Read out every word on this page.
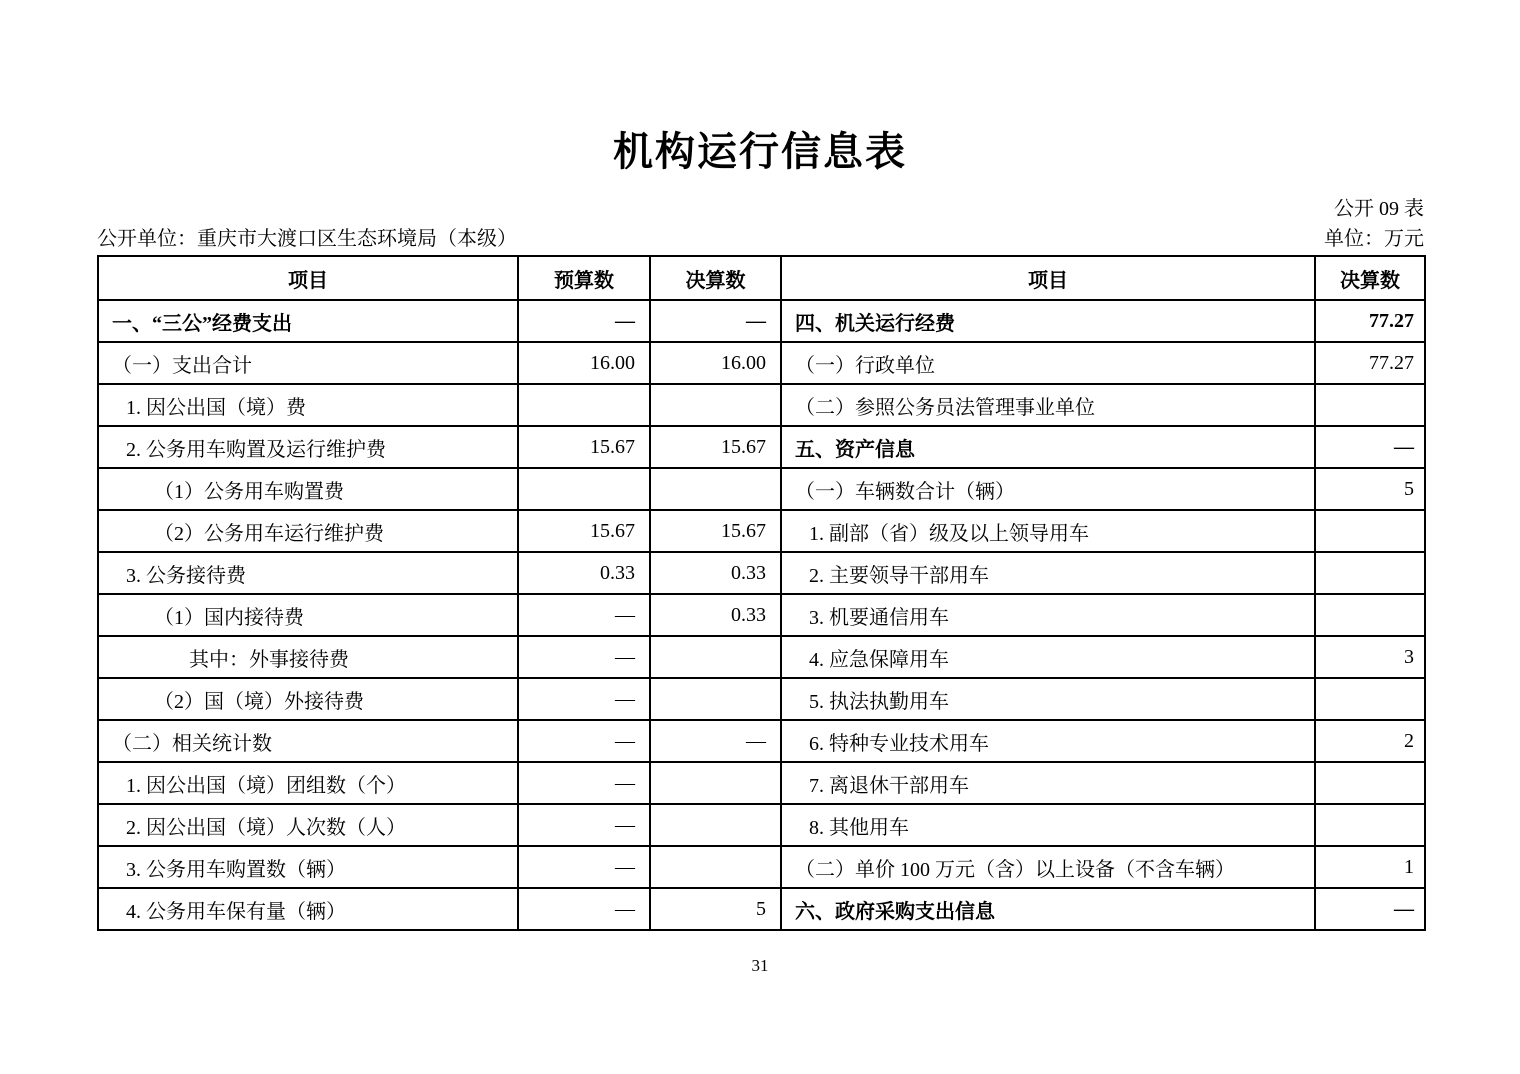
机构运行信息表
公开 09 表
公开单位：重庆市大渡口区生态环境局（本级）	单位：万元
项目	预算数	决算数	项目	决算数
一、“三公”经费支出	—	—	四、机关运行经费	77.27
（一）支出合计	16.00	16.00	（一）行政单位	77.27
1. 因公出国（境）费			（二）参照公务员法管理事业单位	
2. 公务用车购置及运行维护费	15.67	15.67	五、资产信息	—
（1）公务用车购置费			（一）车辆数合计（辆）	5
（2）公务用车运行维护费	15.67	15.67	1. 副部（省）级及以上领导用车	
3. 公务接待费	0.33	0.33	2. 主要领导干部用车	
（1）国内接待费	—	0.33	3. 机要通信用车	
其中：外事接待费	—		4. 应急保障用车	3
（2）国（境）外接待费	—		5. 执法执勤用车	
（二）相关统计数	—	—	6. 特种专业技术用车	2
1. 因公出国（境）团组数（个）	—		7. 离退休干部用车	
2. 因公出国（境）人次数（人）	—		8. 其他用车	
3. 公务用车购置数（辆）	—		（二）单价 100 万元（含）以上设备（不含车辆）	1
4. 公务用车保有量（辆）	—	5	六、政府采购支出信息	—
31
